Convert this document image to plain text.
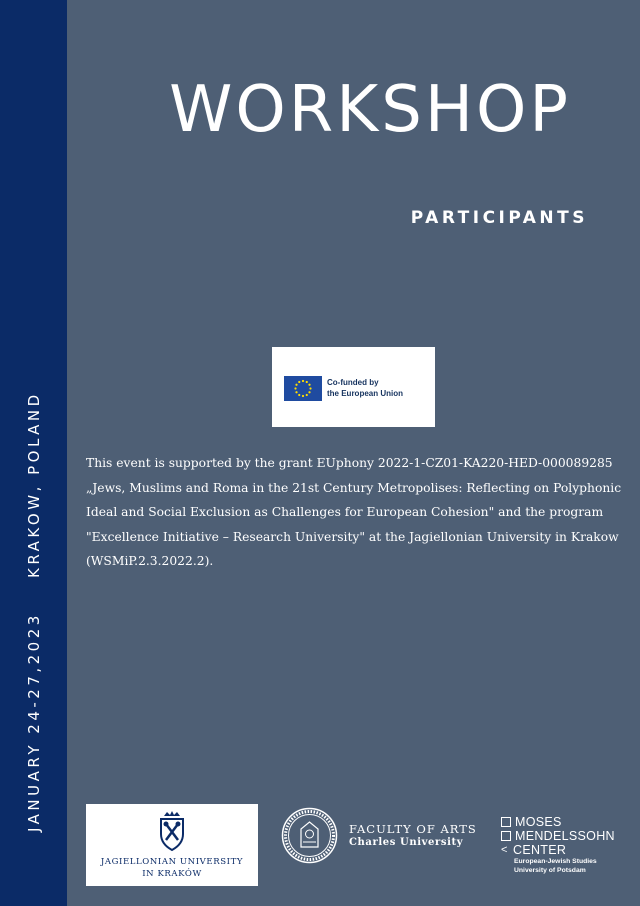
JANUARY 24-27,2023
KRAKOW, POLAND
WORKSHOP
PARTICIPANTS
Co-funded by
the European Union
This event is supported by the grant EUphony 2022-1-CZ01-KA220-HED-000089285 „Jews, Muslims and Roma in the 21st Century Metropolises: Reflecting on Polyphonic Ideal and Social Exclusion as Challenges for European Cohesion" and the program "Excellence Initiative – Research University" at the Jagiellonian University in Krakow (WSMiP.2.3.2022.2).
JAGIELLONIAN UNIVERSITY
IN KRAKÓW
FACULTY OF ARTS
Charles University
MOSES
MENDELSSOHN
< CENTER
European-Jewish Studies
University of Potsdam
